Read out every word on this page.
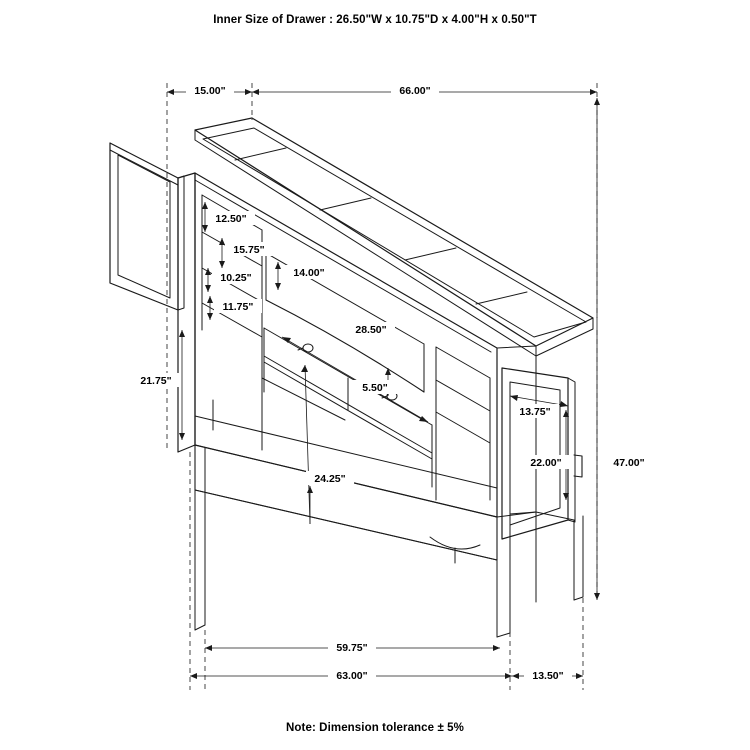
Inner Size of Drawer : 26.50"W x 10.75"D x 4.00"H x 0.50"T
15.00"	66.00"
12.50"
15.75"
10.25"	14.00"
11.75"
28.50"
5.50"
21.75"
13.75"
22.00"
24.25"
47.00"
59.75"
63.00"	13.50"
Note: Dimension tolerance ± 5%
